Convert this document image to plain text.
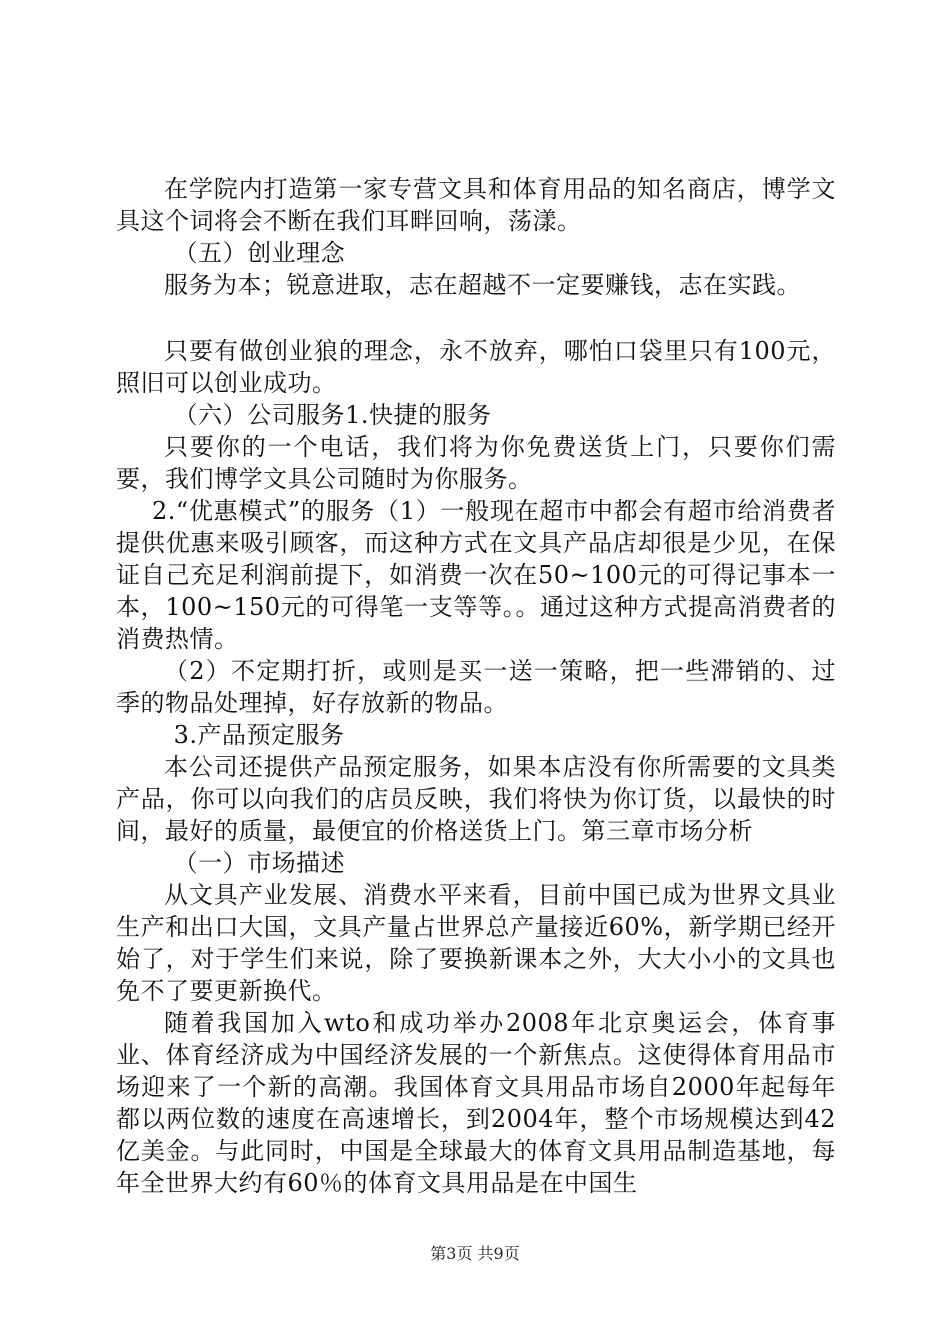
在学院内打造第一家专营文具和体育用品的知名商店，博学文具这个词将会不断在我们耳畔回响，荡漾。

（五）创业理念

服务为本；锐意进取，志在超越不一定要赚钱，志在实践。

只要有做创业狼的理念，永不放弃，哪怕口袋里只有100元，照旧可以创业成功。

（六）公司服务1.快捷的服务

只要你的一个电话，我们将为你免费送货上门，只要你们需要，我们博学文具公司随时为你服务。

2.“优惠模式”的服务（1）一般现在超市中都会有超市给消费者提供优惠来吸引顾客，而这种方式在文具产品店却很是少见，在保证自己充足利润前提下，如消费一次在50~100元的可得记事本一本，100~150元的可得笔一支等等。。通过这种方式提高消费者的消费热情。

（2）不定期打折，或则是买一送一策略，把一些滞销的、过季的物品处理掉，好存放新的物品。

3.产品预定服务

本公司还提供产品预定服务，如果本店没有你所需要的文具类产品，你可以向我们的店员反映，我们将快为你订货，以最快的时间，最好的质量，最便宜的价格送货上门。第三章市场分析

（一）市场描述

从文具产业发展、消费水平来看，目前中国已成为世界文具业生产和出口大国，文具产量占世界总产量接近60%，新学期已经开始了，对于学生们来说，除了要换新课本之外，大大小小的文具也免不了要更新换代。

随着我国加入wto和成功举办2008年北京奥运会，体育事业、体育经济成为中国经济发展的一个新焦点。这使得体育用品市场迎来了一个新的高潮。我国体育文具用品市场自2000年起每年都以两位数的速度在高速增长，到2004年，整个市场规模达到42亿美金。与此同时，中国是全球最大的体育文具用品制造基地，每年全世界大约有60％的体育文具用品是在中国生

第3页 共9页
